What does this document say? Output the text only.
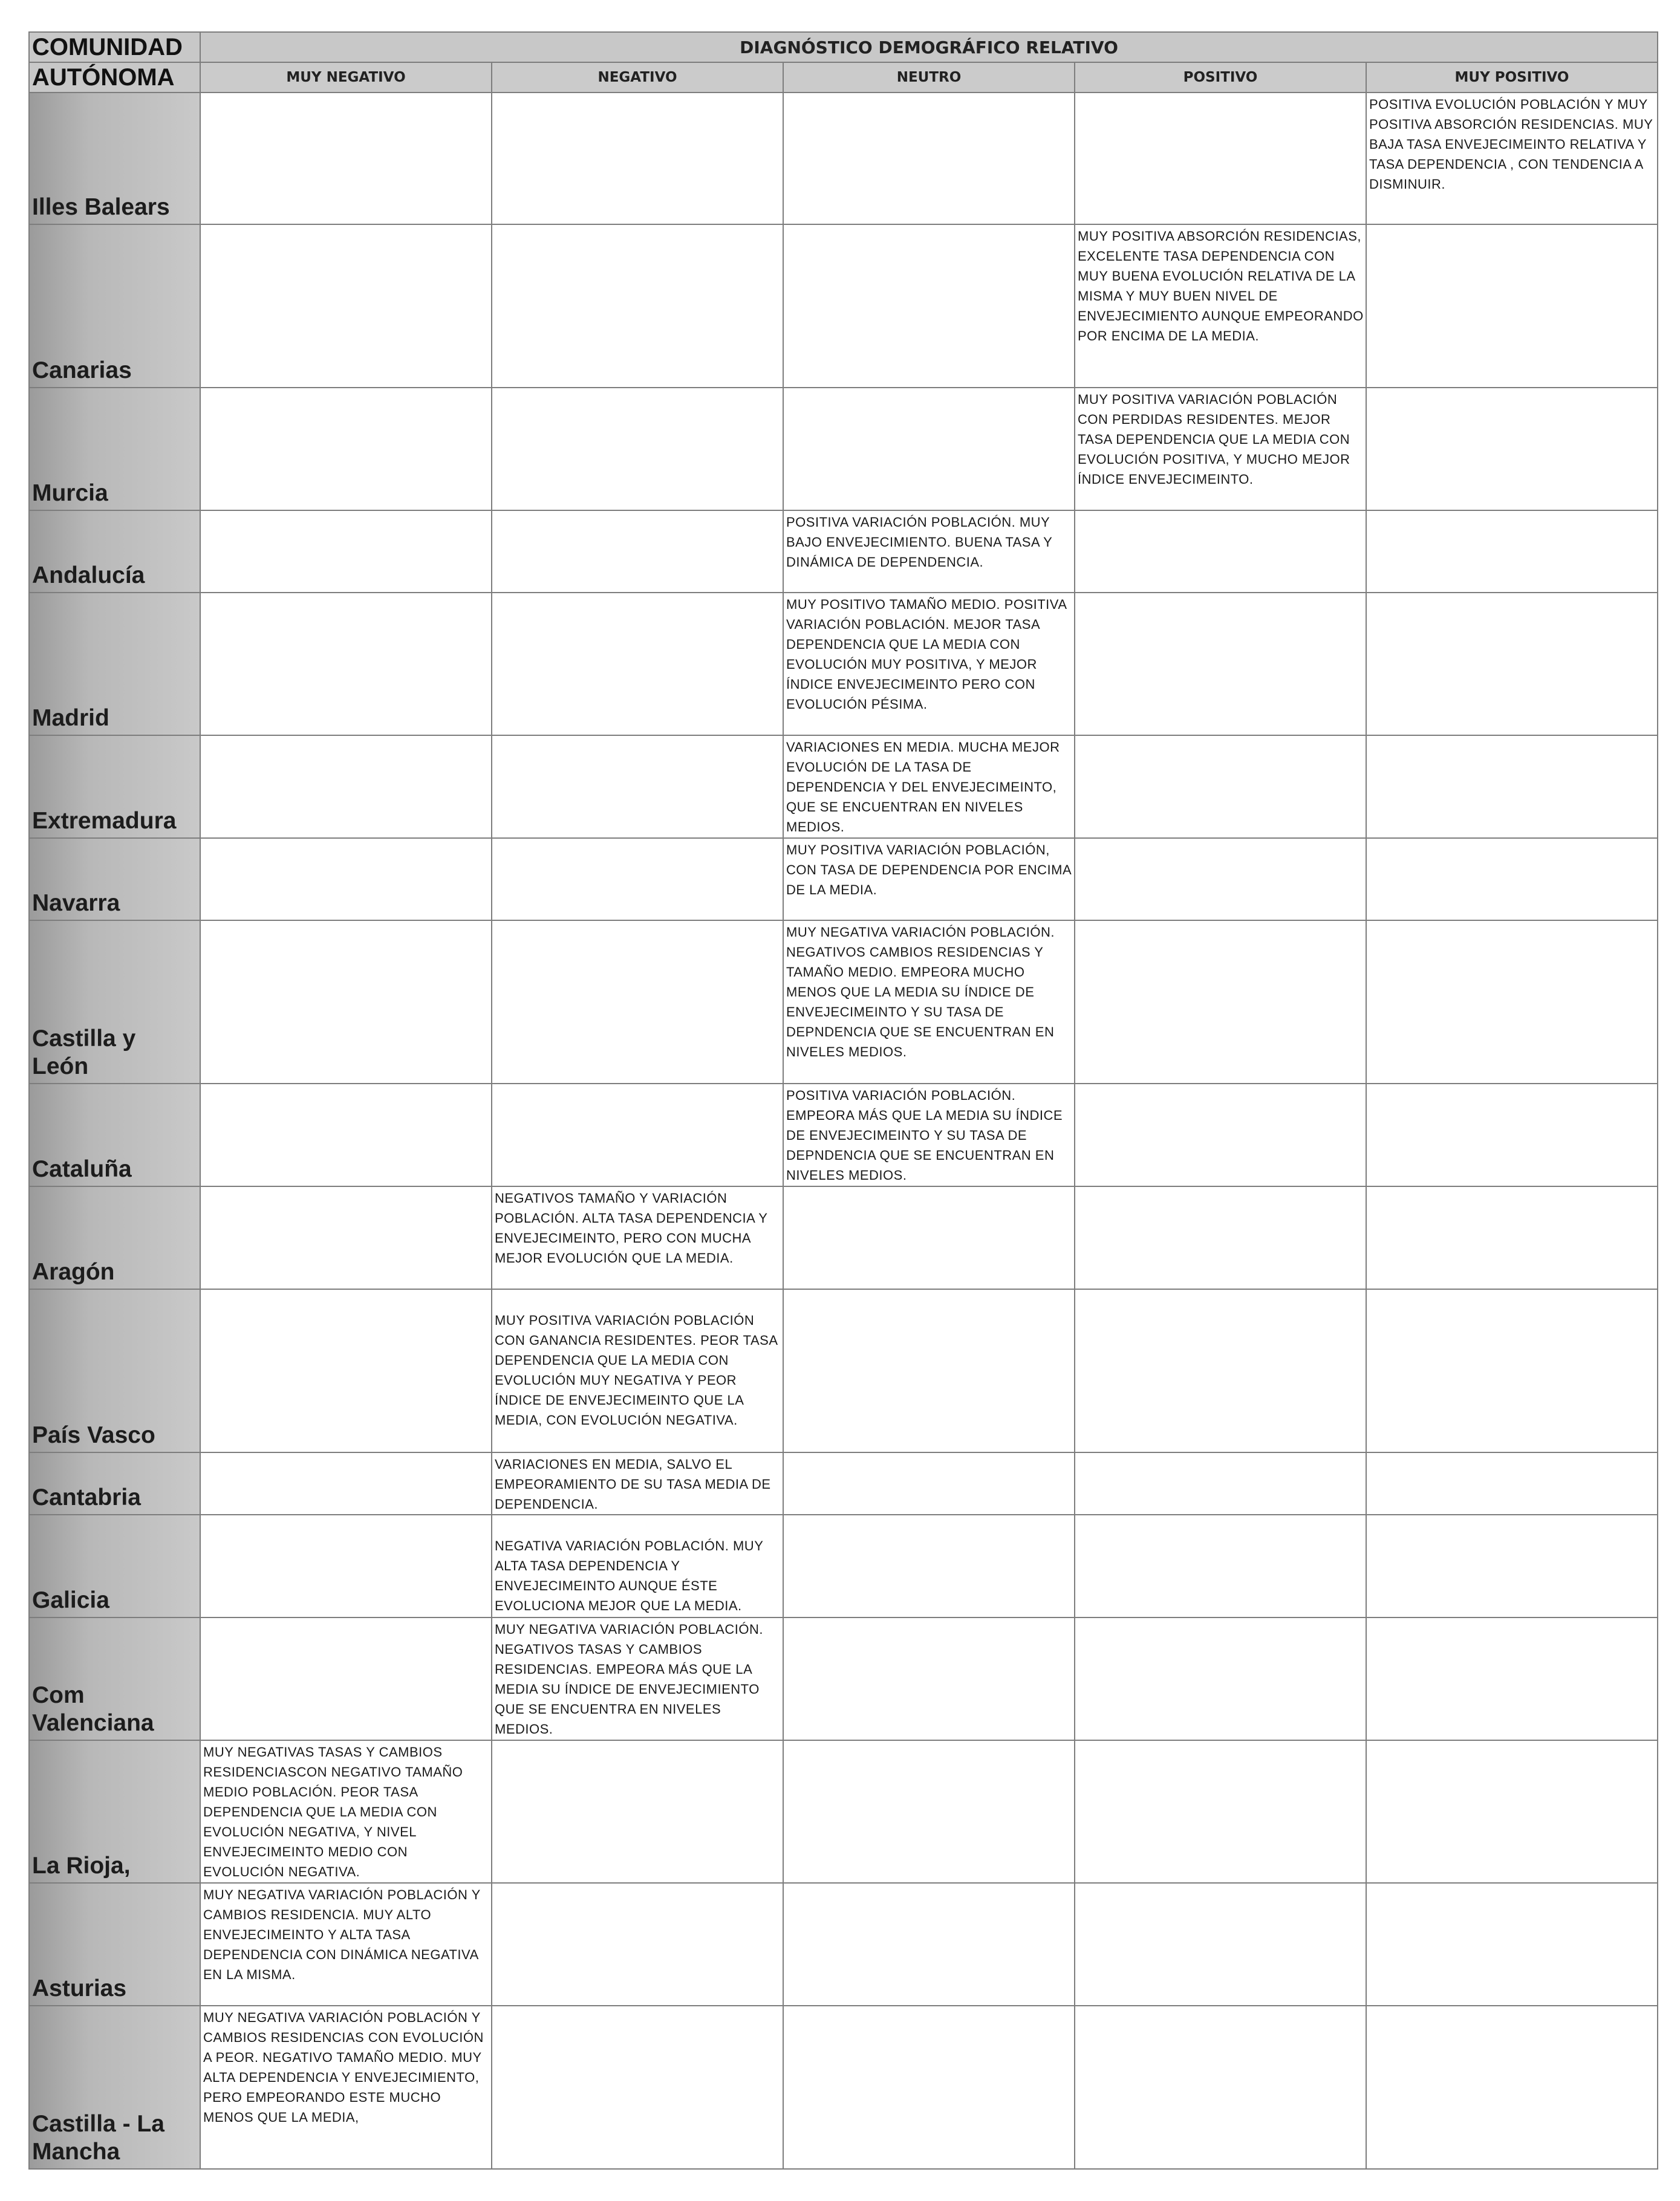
COMUNIDAD	DIAGNÓSTICO DEMOGRÁFICO RELATIVO				
AUTÓNOMA	MUY NEGATIVO	NEGATIVO	NEUTRO	POSITIVO	MUY POSITIVO
Illes Balears					POSITIVA EVOLUCIÓN POBLACIÓN Y MUY POSITIVA ABSORCIÓN RESIDENCIAS. MUY BAJA TASA ENVEJECIMEINTO RELATIVA Y TASA DEPENDENCIA , CON TENDENCIA A DISMINUIR.
Canarias				MUY POSITIVA ABSORCIÓN RESIDENCIAS, EXCELENTE TASA DEPENDENCIA CON MUY BUENA EVOLUCIÓN RELATIVA DE LA MISMA Y MUY BUEN NIVEL DE ENVEJECIMIENTO AUNQUE EMPEORANDO POR ENCIMA DE LA MEDIA.	
Murcia				MUY POSITIVA VARIACIÓN POBLACIÓN CON PERDIDAS RESIDENTES. MEJOR TASA DEPENDENCIA QUE LA MEDIA CON EVOLUCIÓN POSITIVA, Y MUCHO MEJOR ÍNDICE ENVEJECIMEINTO.	
Andalucía			POSITIVA VARIACIÓN POBLACIÓN. MUY BAJO ENVEJECIMIENTO. BUENA TASA Y DINÁMICA DE DEPENDENCIA.		
Madrid			MUY POSITIVO TAMAÑO MEDIO. POSITIVA VARIACIÓN POBLACIÓN. MEJOR TASA DEPENDENCIA QUE LA MEDIA CON EVOLUCIÓN MUY POSITIVA, Y MEJOR ÍNDICE ENVEJECIMEINTO PERO CON EVOLUCIÓN PÉSIMA.		
Extremadura			VARIACIONES EN MEDIA. MUCHA MEJOR EVOLUCIÓN DE LA TASA DE DEPENDENCIA Y DEL ENVEJECIMEINTO, QUE SE ENCUENTRAN EN NIVELES MEDIOS.		
Navarra			MUY POSITIVA VARIACIÓN POBLACIÓN, CON TASA DE DEPENDENCIA POR ENCIMA DE LA MEDIA.		
Castilla y León			MUY NEGATIVA VARIACIÓN POBLACIÓN. NEGATIVOS CAMBIOS RESIDENCIAS Y TAMAÑO MEDIO. EMPEORA MUCHO MENOS QUE LA MEDIA SU ÍNDICE DE ENVEJECIMEINTO Y SU TASA DE DEPNDENCIA QUE SE ENCUENTRAN EN NIVELES MEDIOS.		
Cataluña			POSITIVA VARIACIÓN POBLACIÓN. EMPEORA MÁS QUE LA MEDIA SU ÍNDICE DE ENVEJECIMEINTO Y SU TASA DE DEPNDENCIA QUE SE ENCUENTRAN EN NIVELES MEDIOS.		
Aragón		NEGATIVOS TAMAÑO Y VARIACIÓN POBLACIÓN. ALTA TASA DEPENDENCIA Y ENVEJECIMEINTO, PERO CON MUCHA MEJOR EVOLUCIÓN QUE LA MEDIA.			
País Vasco		MUY POSITIVA VARIACIÓN POBLACIÓN CON GANANCIA RESIDENTES. PEOR TASA DEPENDENCIA QUE LA MEDIA CON EVOLUCIÓN MUY NEGATIVA Y PEOR ÍNDICE DE ENVEJECIMEINTO QUE LA MEDIA, CON EVOLUCIÓN NEGATIVA.			
Cantabria		VARIACIONES EN MEDIA, SALVO EL EMPEORAMIENTO DE SU TASA MEDIA DE DEPENDENCIA.			
Galicia		NEGATIVA VARIACIÓN POBLACIÓN. MUY ALTA TASA DEPENDENCIA Y ENVEJECIMEINTO AUNQUE ÉSTE EVOLUCIONA MEJOR QUE LA MEDIA.			
Com Valenciana		MUY NEGATIVA VARIACIÓN POBLACIÓN. NEGATIVOS TASAS Y CAMBIOS RESIDENCIAS. EMPEORA MÁS QUE LA MEDIA SU ÍNDICE DE ENVEJECIMIENTO QUE SE ENCUENTRA EN NIVELES MEDIOS.			
La Rioja,	MUY NEGATIVAS TASAS Y CAMBIOS RESIDENCIASCON NEGATIVO TAMAÑO MEDIO POBLACIÓN. PEOR TASA DEPENDENCIA QUE LA MEDIA CON EVOLUCIÓN NEGATIVA, Y NIVEL ENVEJECIMEINTO MEDIO CON EVOLUCIÓN NEGATIVA.				
Asturias	MUY NEGATIVA VARIACIÓN POBLACIÓN Y CAMBIOS RESIDENCIA. MUY ALTO ENVEJECIMEINTO Y ALTA TASA DEPENDENCIA CON DINÁMICA NEGATIVA EN LA MISMA.				
Castilla - La Mancha	MUY NEGATIVA VARIACIÓN POBLACIÓN Y CAMBIOS RESIDENCIAS CON EVOLUCIÓN A PEOR. NEGATIVO TAMAÑO MEDIO. MUY ALTA DEPENDENCIA Y ENVEJECIMIENTO, PERO EMPEORANDO ESTE MUCHO MENOS QUE LA MEDIA,				
